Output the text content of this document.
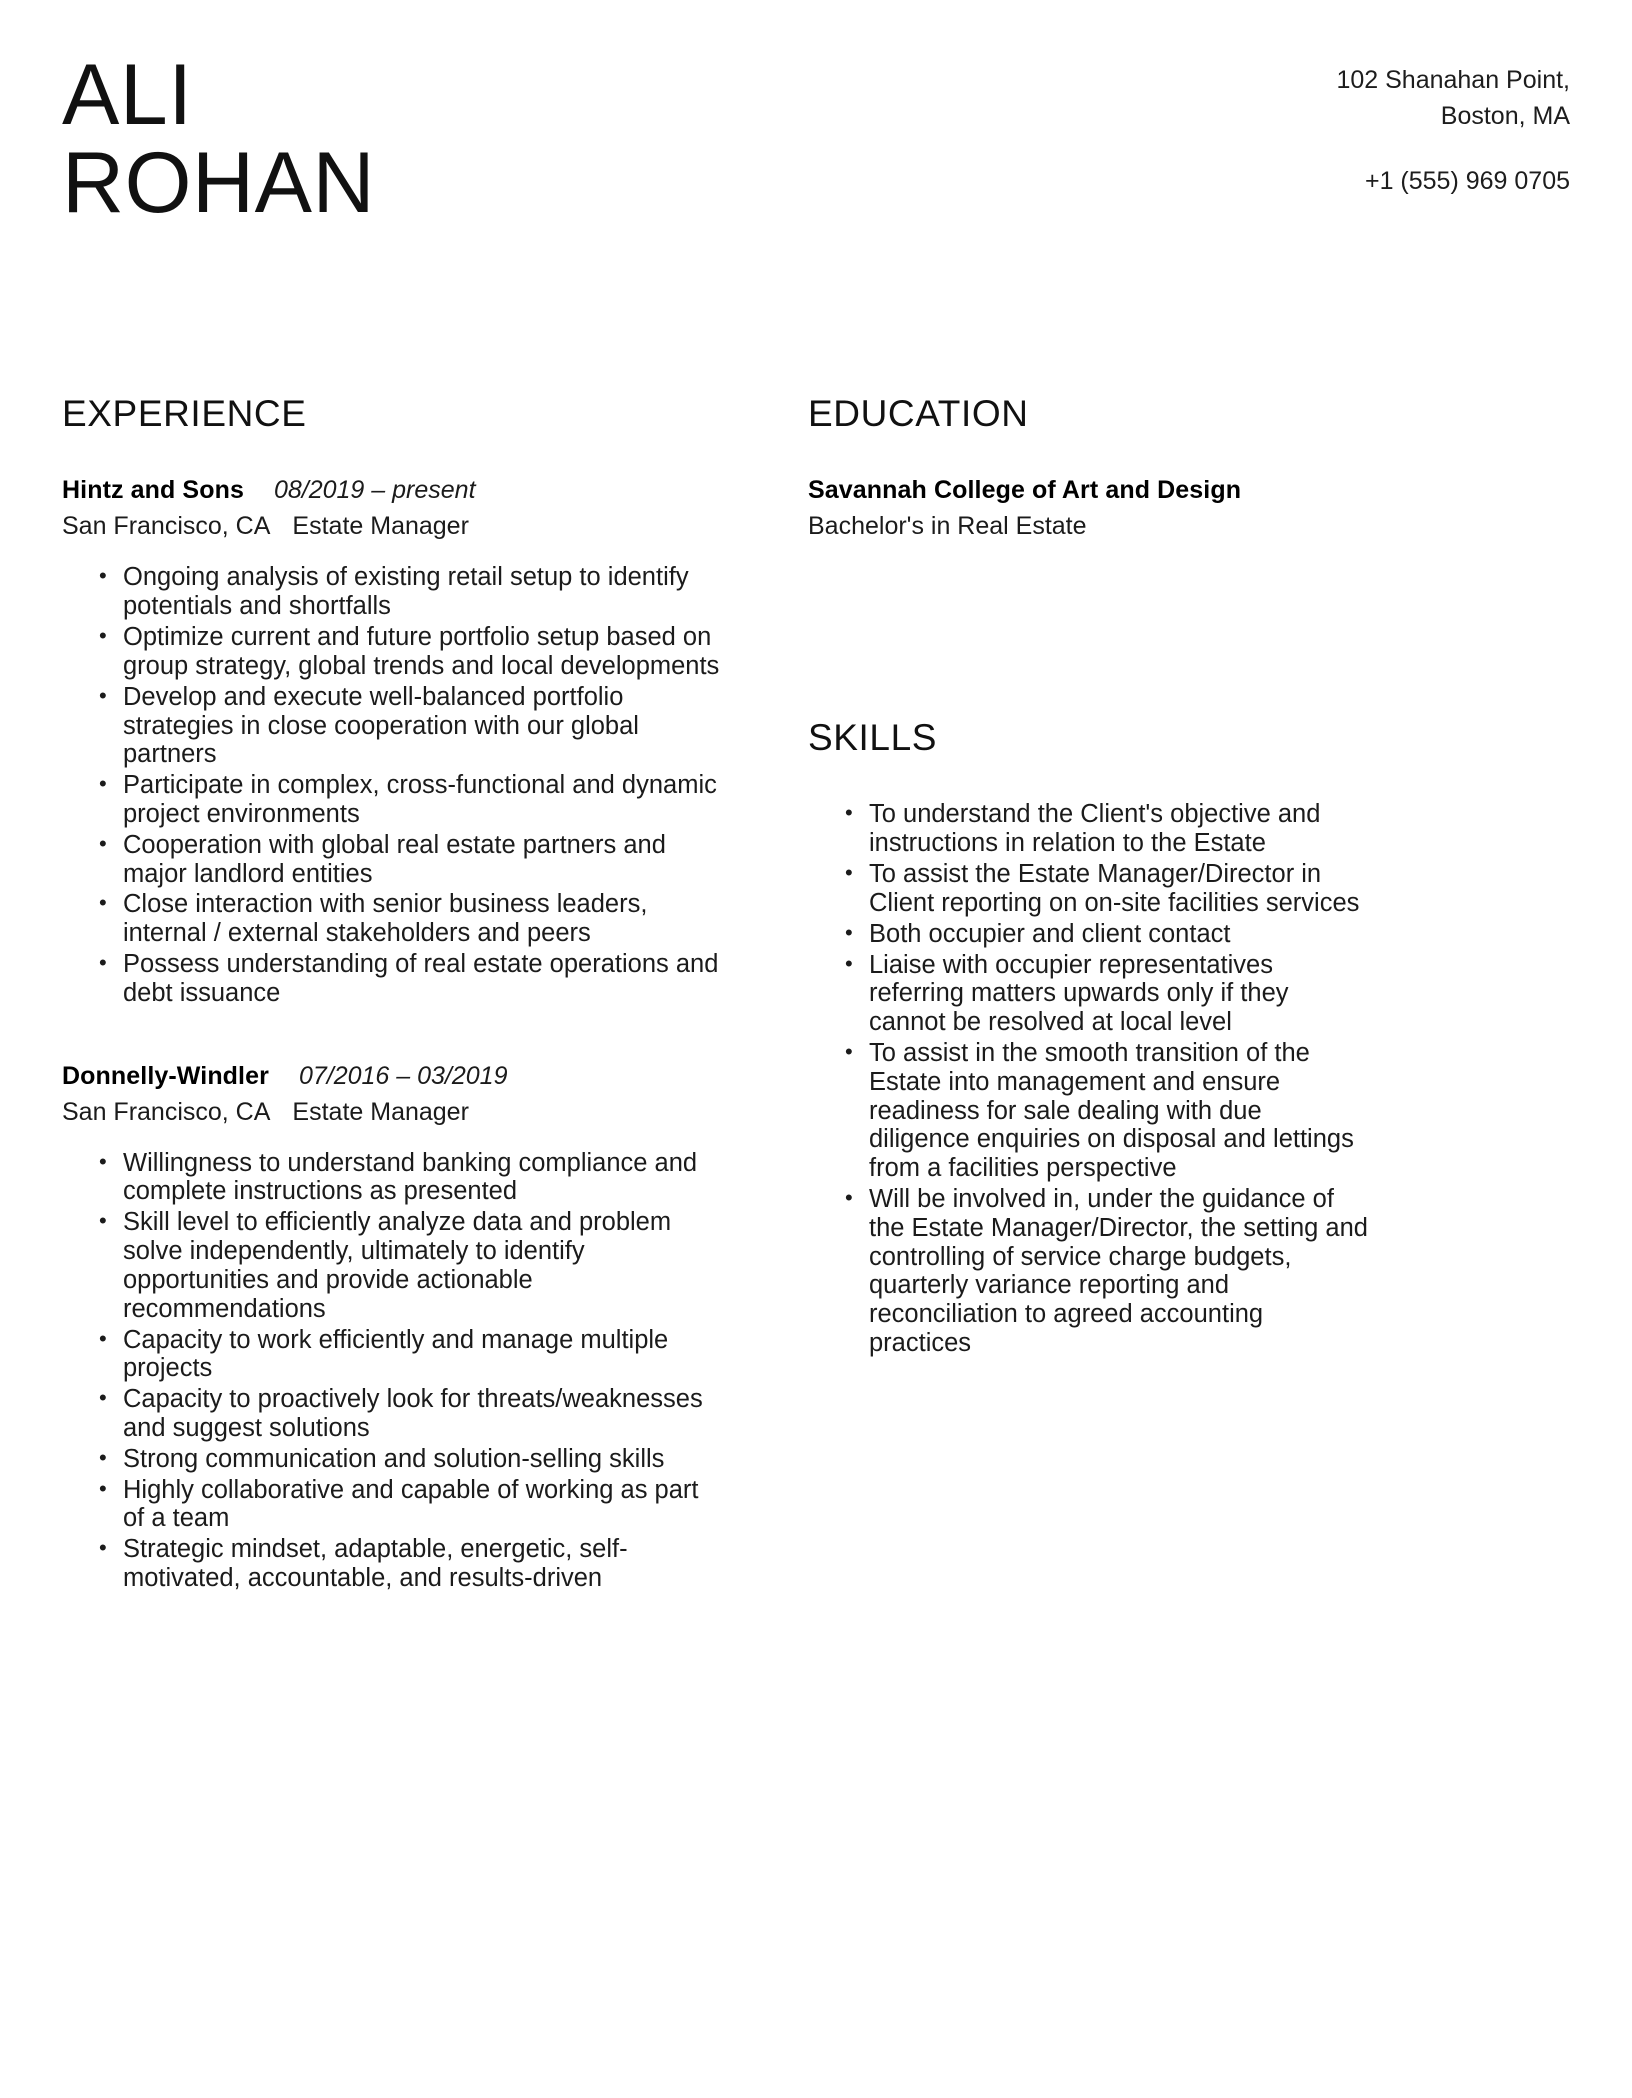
ALI
ROHAN
102 Shanahan Point,
Boston, MA
+1 (555) 969 0705
EXPERIENCE
Hintz and Sons 08/2019 – present
San Francisco, CA Estate Manager
• Ongoing analysis of existing retail setup to identify potentials and shortfalls
• Optimize current and future portfolio setup based on group strategy, global trends and local developments
• Develop and execute well-balanced portfolio strategies in close cooperation with our global partners
• Participate in complex, cross-functional and dynamic project environments
• Cooperation with global real estate partners and major landlord entities
• Close interaction with senior business leaders, internal / external stakeholders and peers
• Possess understanding of real estate operations and debt issuance
Donnelly-Windler 07/2016 – 03/2019
San Francisco, CA Estate Manager
• Willingness to understand banking compliance and complete instructions as presented
• Skill level to efficiently analyze data and problem solve independently, ultimately to identify opportunities and provide actionable recommendations
• Capacity to work efficiently and manage multiple projects
• Capacity to proactively look for threats/weaknesses and suggest solutions
• Strong communication and solution-selling skills
• Highly collaborative and capable of working as part of a team
• Strategic mindset, adaptable, energetic, self-motivated, accountable, and results-driven
EDUCATION
Savannah College of Art and Design
Bachelor's in Real Estate
SKILLS
• To understand the Client's objective and instructions in relation to the Estate
• To assist the Estate Manager/Director in Client reporting on on-site facilities services
• Both occupier and client contact
• Liaise with occupier representatives referring matters upwards only if they cannot be resolved at local level
• To assist in the smooth transition of the Estate into management and ensure readiness for sale dealing with due diligence enquiries on disposal and lettings from a facilities perspective
• Will be involved in, under the guidance of the Estate Manager/Director, the setting and controlling of service charge budgets, quarterly variance reporting and reconciliation to agreed accounting practices
